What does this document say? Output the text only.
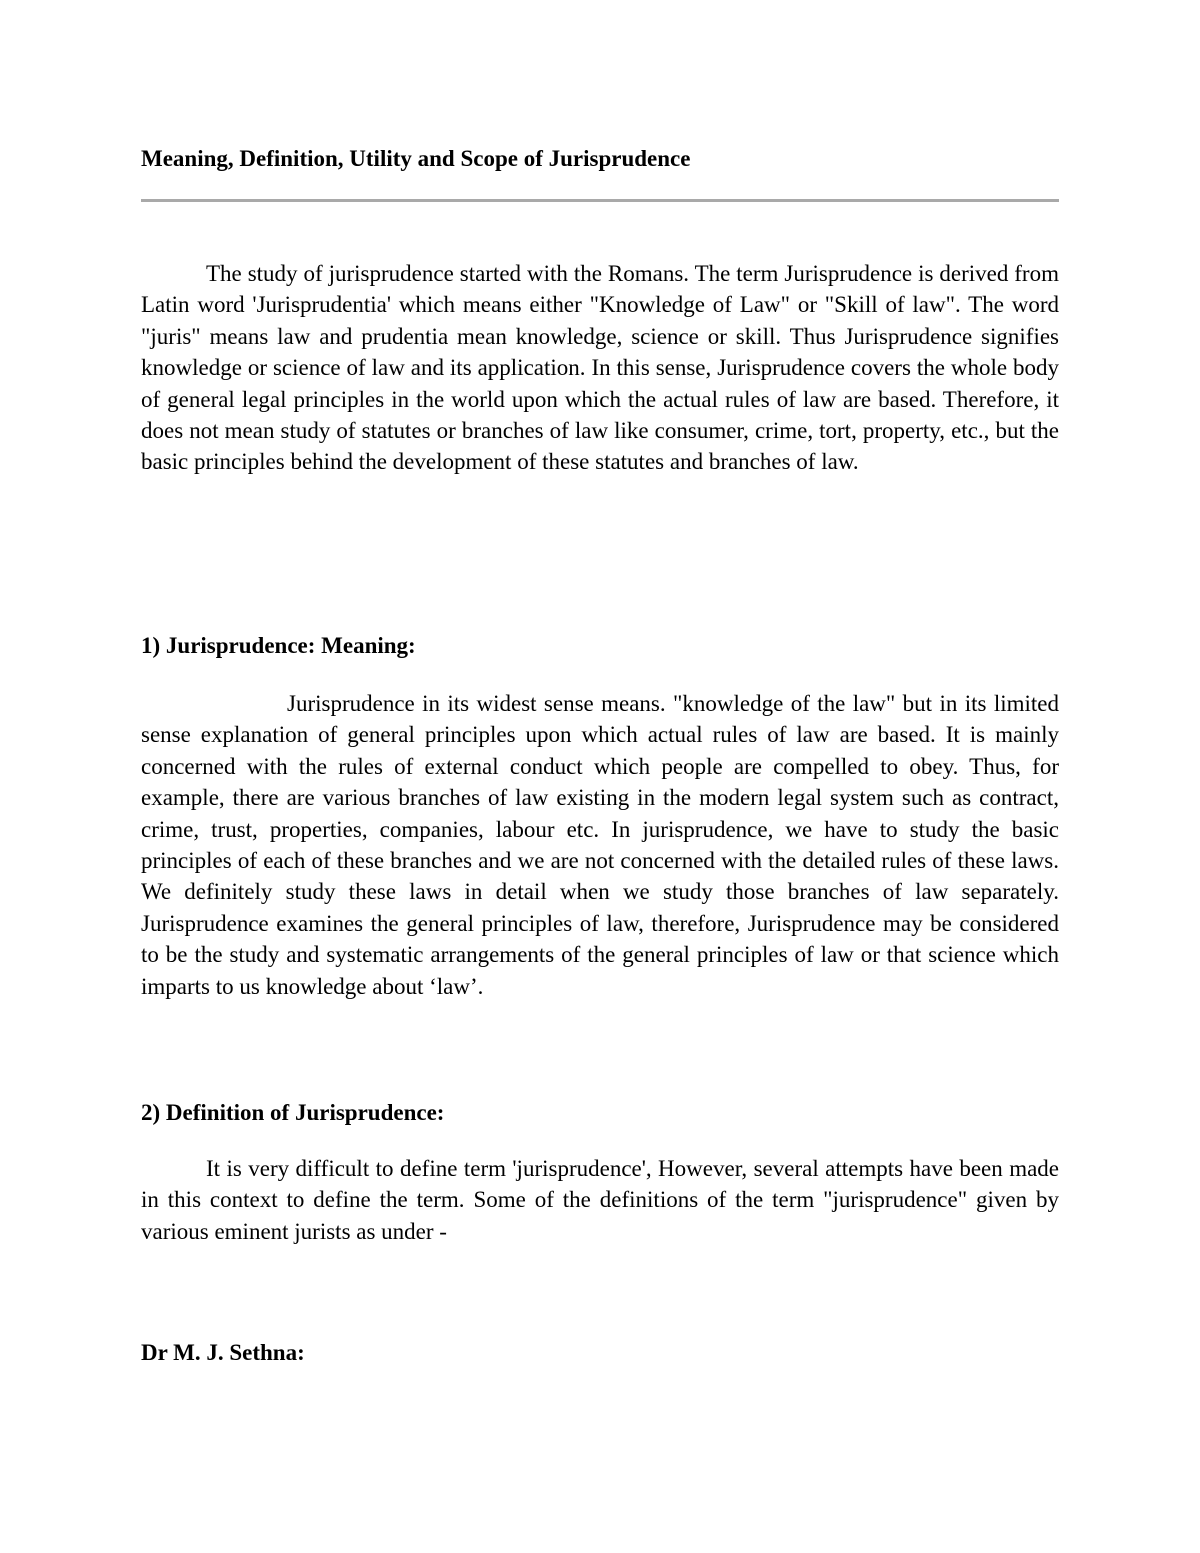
Meaning, Definition, Utility and Scope of Jurisprudence

The study of jurisprudence started with the Romans. The term Jurisprudence is derived from Latin word 'Jurisprudentia' which means either "Knowledge of Law" or "Skill of law". The word "juris" means law and prudentia mean knowledge, science or skill. Thus Jurisprudence signifies knowledge or science of law and its application. In this sense, Jurisprudence covers the whole body of general legal principles in the world upon which the actual rules of law are based. Therefore, it does not mean study of statutes or branches of law like consumer, crime, tort, property, etc., but the basic principles behind the development of these statutes and branches of law.

1) Jurisprudence: Meaning:

Jurisprudence in its widest sense means. "knowledge of the law" but in its limited sense explanation of general principles upon which actual rules of law are based. It is mainly concerned with the rules of external conduct which people are compelled to obey. Thus, for example, there are various branches of law existing in the modern legal system such as contract, crime, trust, properties, companies, labour etc. In jurisprudence, we have to study the basic principles of each of these branches and we are not concerned with the detailed rules of these laws. We definitely study these laws in detail when we study those branches of law separately. Jurisprudence examines the general principles of law, therefore, Jurisprudence may be considered to be the study and systematic arrangements of the general principles of law or that science which imparts to us knowledge about ‘law’.

2) Definition of Jurisprudence:

It is very difficult to define term 'jurisprudence', However, several attempts have been made in this context to define the term. Some of the definitions of the term "jurisprudence" given by various eminent jurists as under -

Dr M. J. Sethna:
